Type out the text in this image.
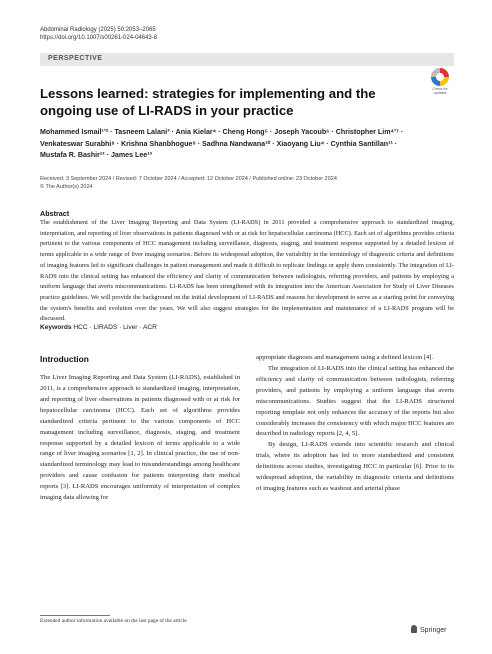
Abdominal Radiology (2025) 50:2053–2065
https://doi.org/10.1007/s00261-024-04643-8
PERSPECTIVE
Check for
updates
Lessons learned: strategies for implementing and the ongoing use of LI-RADS in your practice
Mohammed Ismail¹ʼ² · Tasneem Lalani³ · Ania Kielar⁴ · Cheng Hong⁵ · Joseph Yacoub⁶ · Christopher Lim⁴ʼ⁷ ·
Venkateswar Surabhi⁸ · Krishna Shanbhogue⁹ · Sadhna Nandwana¹⁰ · Xiaoyang Liu⁴ · Cynthia Santillan¹¹ ·
Mustafa R. Bashir¹² · James Lee¹³
Received: 3 September 2024 / Revised: 7 October 2024 / Accepted: 12 October 2024 / Published online: 23 October 2024
© The Author(s) 2024
Abstract
The establishment of the Liver Imaging Reporting and Data System (LI-RADS) in 2011 provided a comprehensive approach to standardized imaging, interpretation, and reporting of liver observations in patients diagnosed with or at risk for hepatocellular carcinoma (HCC). Each set of algorithms provides criteria pertinent to the various components of HCC management including surveillance, diagnosis, staging, and treatment response supported by a detailed lexicon of terms applicable to a wide range of liver imaging scenarios. Before its widespread adoption, the variability in the terminology of diagnostic criteria and definitions of imaging features led to significant challenges in patient management and made it difficult to replicate findings or apply them consistently. The integration of LI-RADS into the clinical setting has enhanced the efficiency and clarity of communication between radiologists, referring providers, and patients by employing a uniform language that averts miscommunications. LI-RADS has been strengthened with its integration into the American Association for Study of Liver Diseases practice guidelines. We will provide the background on the initial development of LI-RADS and reasons for development to serve as a starting point for conveying the system's benefits and evolution over the years. We will also suggest strategies for the implementation and maintenance of a LI-RADS program will be discussed.
Keywords HCC · LIRADS · Liver · ACR
Introduction

The Liver Imaging Reporting and Data System (LI-RADS), established in 2011, is a comprehensive approach to standardized imaging, interpretation, and reporting of liver observations in patients diagnosed with or at risk for hepatocellular carcinoma (HCC). Each set of algorithms provides standardized criteria pertinent to the various components of HCC management including surveillance, diagnosis, staging, and treatment response supported by a detailed lexicon of terms applicable to a wide range of liver imaging scenarios [1, 2]. In clinical practice, the use of non-standardized terminology may lead to misunderstandings among healthcare providers and cause confusion for patients interpreting their medical reports [3]. LI-RADS encourages uniformity of interpretation of complex imaging data allowing for

appropriate diagnosis and management using a defined lexicon [4].

The integration of LI-RADS into the clinical setting has enhanced the efficiency and clarity of communication between radiologists, referring providers, and patients by employing a uniform language that averts miscommunications. Studies suggest that the LI-RADS structured reporting template not only enhances the accuracy of the reports but also considerably increases the consistency with which major HCC features are described in radiology reports [2, 4, 5].

By design, LI-RADS extends into scientific research and clinical trials, where its adoption has led to more standardized and consistent definitions across studies, investigating HCC in particular [6]. Prior to its widespread adoption, the variability in diagnostic criteria and definitions of imaging features such as washout and arterial phase

Extended author information available on the last page of the article
Springer
